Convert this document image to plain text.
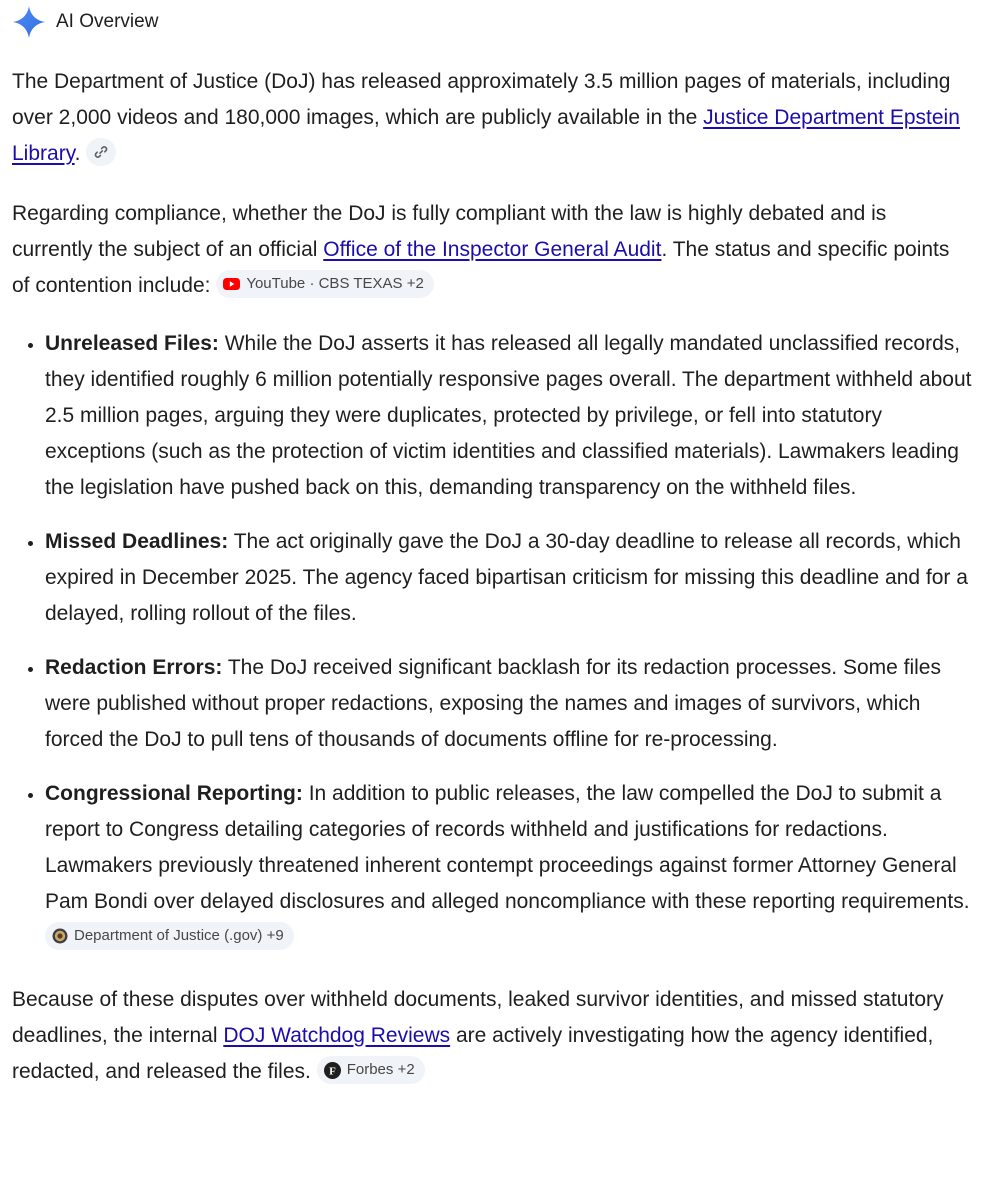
AI Overview

The Department of Justice (DoJ) has released approximately 3.5 million pages of materials, including over 2,000 videos and 180,000 images, which are publicly available in the Justice Department Epstein Library.

Regarding compliance, whether the DoJ is fully compliant with the law is highly debated and is currently the subject of an official Office of the Inspector General Audit. The status and specific points of contention include: YouTube · CBS TEXAS +2

• Unreleased Files: While the DoJ asserts it has released all legally mandated unclassified records, they identified roughly 6 million potentially responsive pages overall. The department withheld about 2.5 million pages, arguing they were duplicates, protected by privilege, or fell into statutory exceptions (such as the protection of victim identities and classified materials). Lawmakers leading the legislation have pushed back on this, demanding transparency on the withheld files.
• Missed Deadlines: The act originally gave the DoJ a 30-day deadline to release all records, which expired in December 2025. The agency faced bipartisan criticism for missing this deadline and for a delayed, rolling rollout of the files.
• Redaction Errors: The DoJ received significant backlash for its redaction processes. Some files were published without proper redactions, exposing the names and images of survivors, which forced the DoJ to pull tens of thousands of documents offline for re-processing.
• Congressional Reporting: In addition to public releases, the law compelled the DoJ to submit a report to Congress detailing categories of records withheld and justifications for redactions. Lawmakers previously threatened inherent contempt proceedings against former Attorney General Pam Bondi over delayed disclosures and alleged noncompliance with these reporting requirements.
Department of Justice (.gov) +9

Because of these disputes over withheld documents, leaked survivor identities, and missed statutory deadlines, the internal DOJ Watchdog Reviews are actively investigating how the agency identified, redacted, and released the files. F Forbes +2
